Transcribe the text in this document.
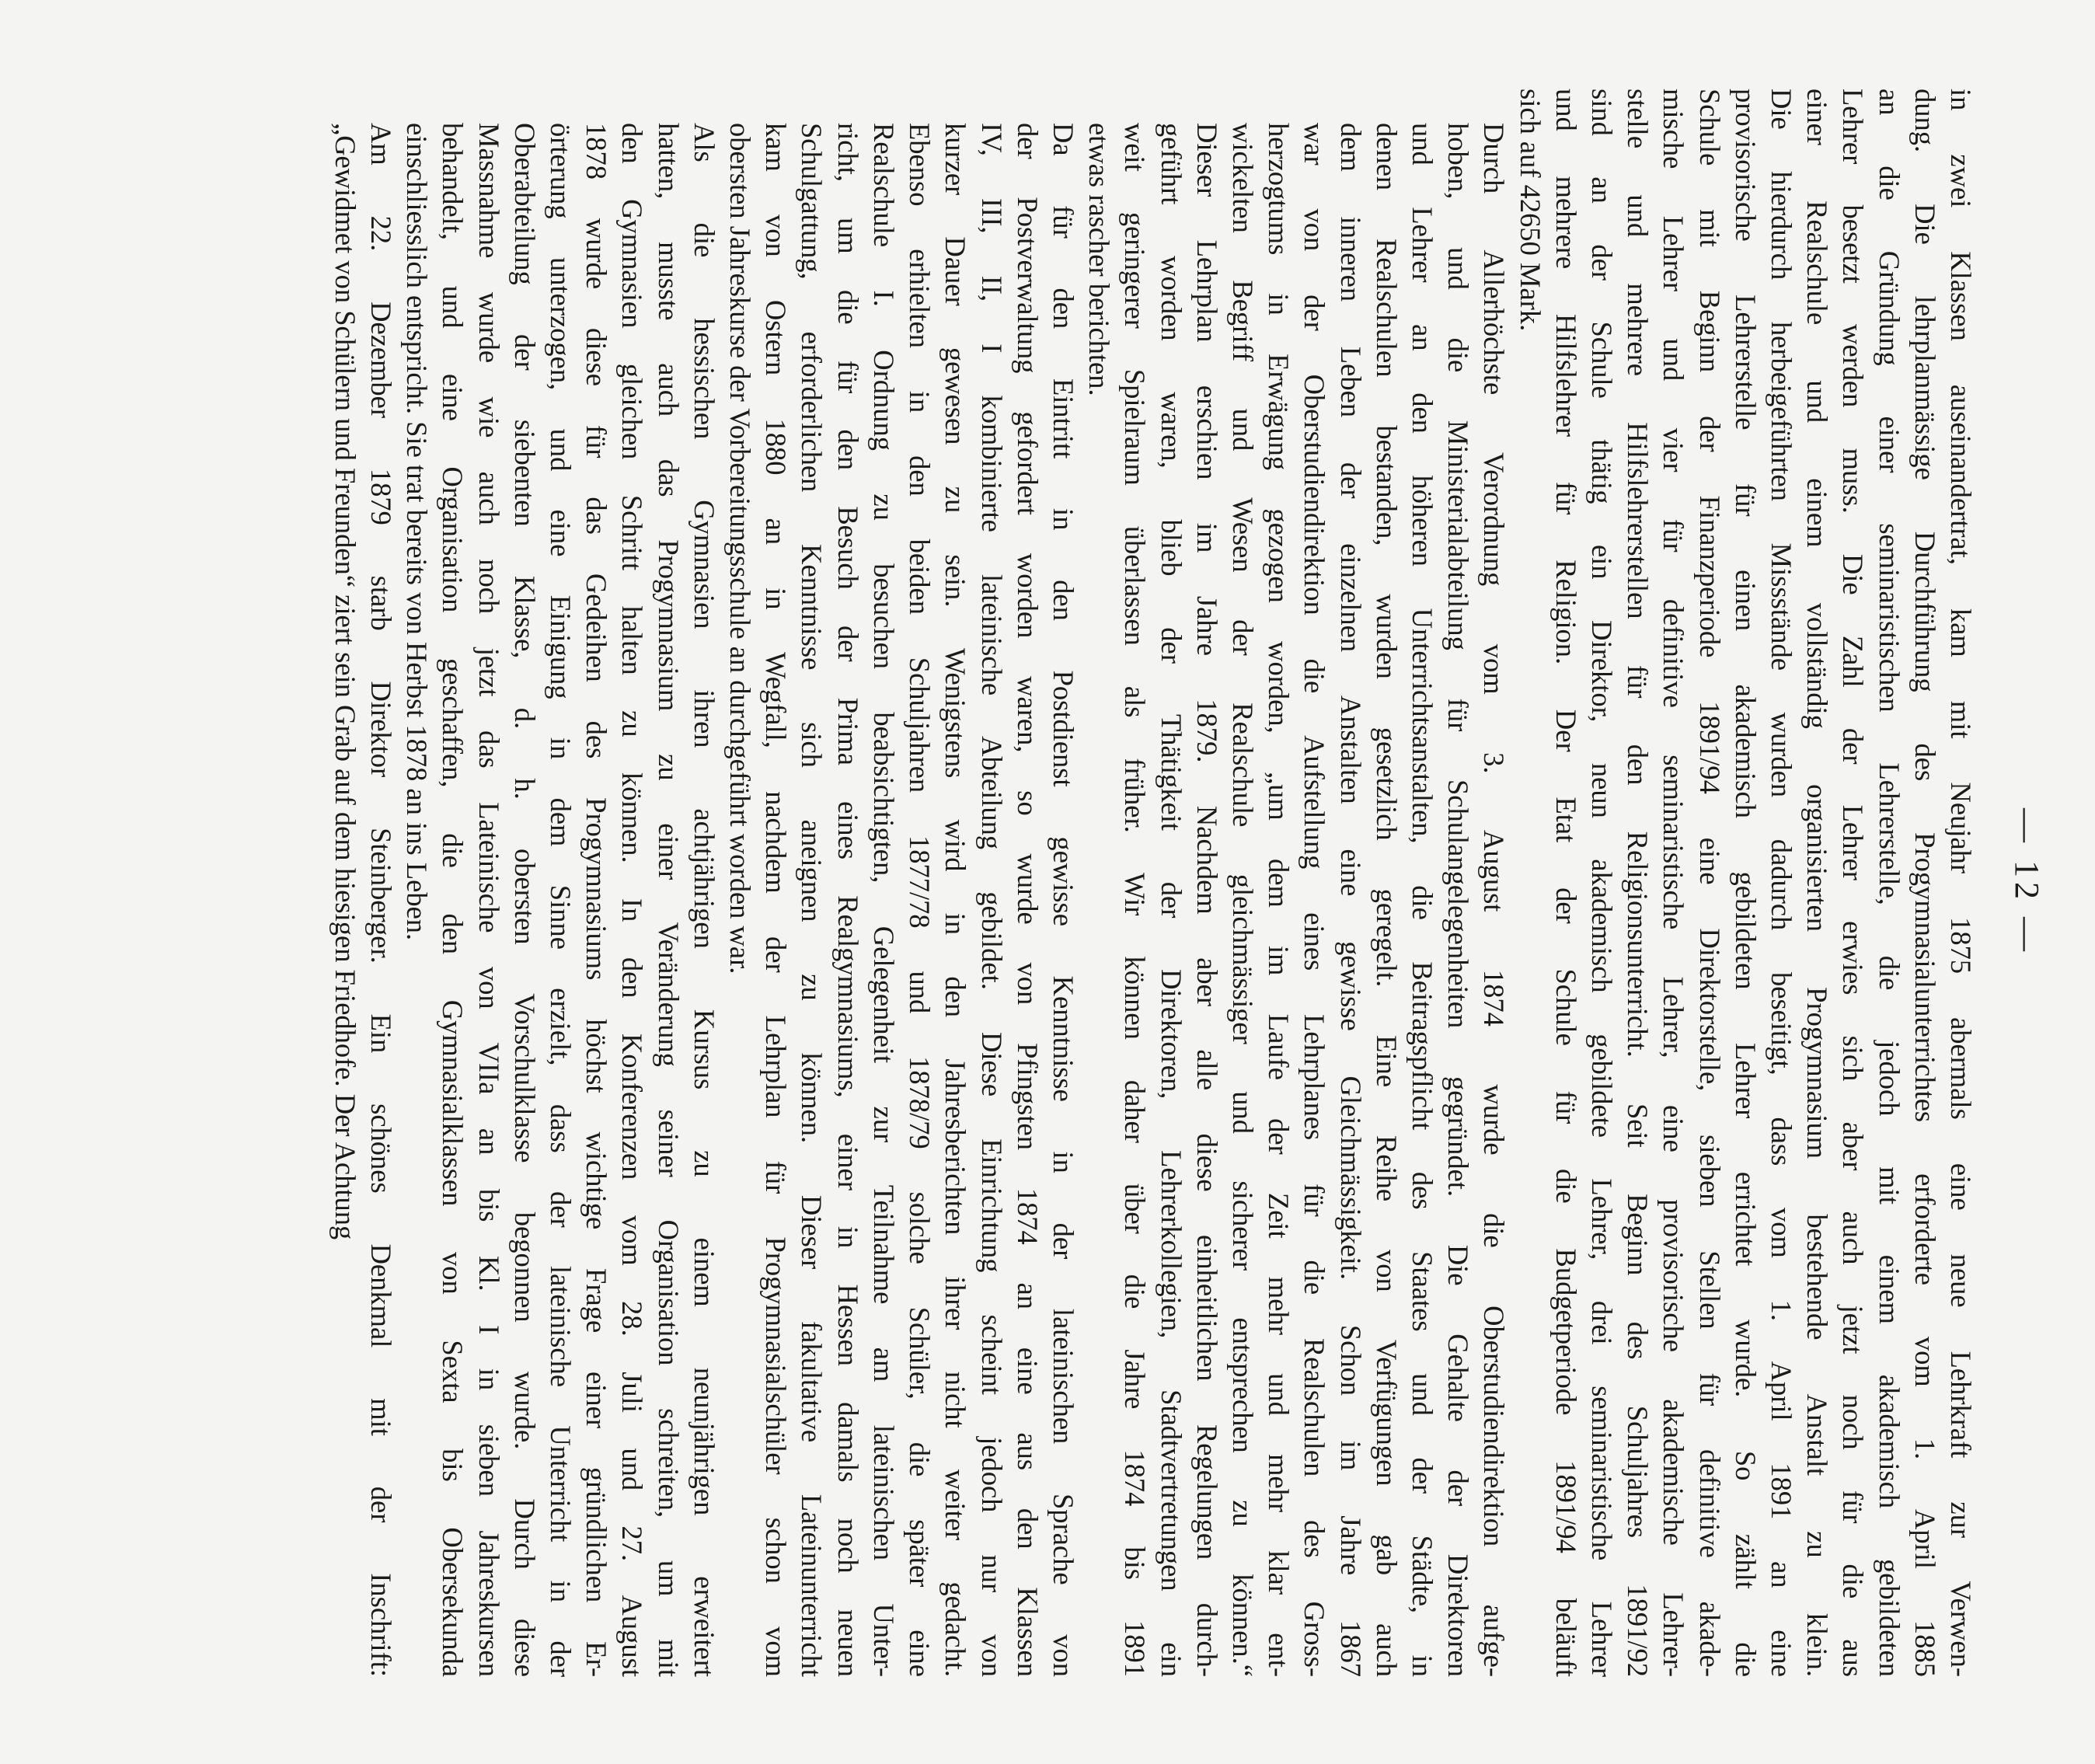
— 12 —

in zwei Klassen auseinandertrat, kam mit Neujahr 1875 abermals eine neue Lehrkraft zur Verwen-
dung. Die lehrplanmässige Durchführung des Progymnasialunterrichtes erforderte vom 1. April 1885
an die Gründung einer seminaristischen Lehrerstelle, die jedoch mit einem akademisch gebildeten
Lehrer besetzt werden muss. Die Zahl der Lehrer erwies sich aber auch jetzt noch für die aus
einer Realschule und einem vollständig organisierten Progymnasium bestehende Anstalt zu klein.
Die hierdurch herbeigeführten Missstände wurden dadurch beseitigt, dass vom 1. April 1891 an eine
provisorische Lehrerstelle für einen akademisch gebildeten Lehrer errichtet wurde. So zählt die
Schule mit Beginn der Finanzperiode 1891/94 eine Direktorstelle, sieben Stellen für definitive akade-
mische Lehrer und vier für definitive seminaristische Lehrer, eine provisorische akademische Lehrer-
stelle und mehrere Hilfslehrerstellen für den Religionsunterricht. Seit Beginn des Schuljahres 1891/92
sind an der Schule thätig ein Direktor, neun akademisch gebildete Lehrer, drei seminaristische Lehrer
und mehrere Hilfslehrer für Religion. Der Etat der Schule für die Budgetperiode 1891/94 beläuft
sich auf 42650 Mark.

Durch Allerhöchste Verordnung vom 3. August 1874 wurde die Oberstudiendirektion aufge-
hoben, und die Ministerialabteilung für Schulangelegenheiten gegründet. Die Gehalte der Direktoren
und Lehrer an den höheren Unterrichtsanstalten, die Beitragspflicht des Staates und der Städte, in
denen Realschulen bestanden, wurden gesetzlich geregelt. Eine Reihe von Verfügungen gab auch
dem inneren Leben der einzelnen Anstalten eine gewisse Gleichmässigkeit. Schon im Jahre 1867
war von der Oberstudiendirektion die Aufstellung eines Lehrplanes für die Realschulen des Gross-
herzogtums in Erwägung gezogen worden, „um dem im Laufe der Zeit mehr und mehr klar ent-
wickelten Begriff und Wesen der Realschule gleichmässiger und sicherer entsprechen zu können.“
Dieser Lehrplan erschien im Jahre 1879. Nachdem aber alle diese einheitlichen Regelungen durch-
geführt worden waren, blieb der Thätigkeit der Direktoren, Lehrerkollegien, Stadtvertretungen ein
weit geringerer Spielraum überlassen als früher. Wir können daher über die Jahre 1874 bis 1891
etwas rascher berichten.

Da für den Eintritt in den Postdienst gewisse Kenntnisse in der lateinischen Sprache von
der Postverwaltung gefordert worden waren, so wurde von Pfingsten 1874 an eine aus den Klassen
IV, III, II, I kombinierte lateinische Abteilung gebildet. Diese Einrichtung scheint jedoch nur von
kurzer Dauer gewesen zu sein. Wenigstens wird in den Jahresberichten ihrer nicht weiter gedacht.
Ebenso erhielten in den beiden Schuljahren 1877/78 und 1878/79 solche Schüler, die später eine
Realschule I. Ordnung zu besuchen beabsichtigten, Gelegenheit zur Teilnahme am lateinischen Unter-
richt, um die für den Besuch der Prima eines Realgymnasiums, einer in Hessen damals noch neuen
Schulgattung, erforderlichen Kenntnisse sich aneignen zu können. Dieser fakultative Lateinunterricht
kam von Ostern 1880 an in Wegfall, nachdem der Lehrplan für Progymnasialschüler schon vom
obersten Jahreskurse der Vorbereitungsschule an durchgeführt worden war.

Als die hessischen Gymnasien ihren achtjährigen Kursus zu einem neunjährigen erweitert
hatten, musste auch das Progymnasium zu einer Veränderung seiner Organisation schreiten, um mit
den Gymnasien gleichen Schritt halten zu können. In den Konferenzen vom 28. Juli und 27. August
1878 wurde diese für das Gedeihen des Progymnasiums höchst wichtige Frage einer gründlichen Er-
örterung unterzogen, und eine Einigung in dem Sinne erzielt, dass der lateinische Unterricht in der
Oberabteilung der siebenten Klasse, d. h. obersten Vorschulklasse begonnen wurde. Durch diese
Massnahme wurde wie auch noch jetzt das Lateinische von VIIa an bis Kl. I in sieben Jahreskursen
behandelt, und eine Organisation geschaffen, die den Gymnasialklassen von Sexta bis Obersekunda
einschliesslich entspricht. Sie trat bereits von Herbst 1878 an ins Leben.

Am 22. Dezember 1879 starb Direktor Steinberger. Ein schönes Denkmal mit der Inschrift:
„Gewidmet von Schülern und Freunden“ ziert sein Grab auf dem hiesigen Friedhofe. Der Achtung
